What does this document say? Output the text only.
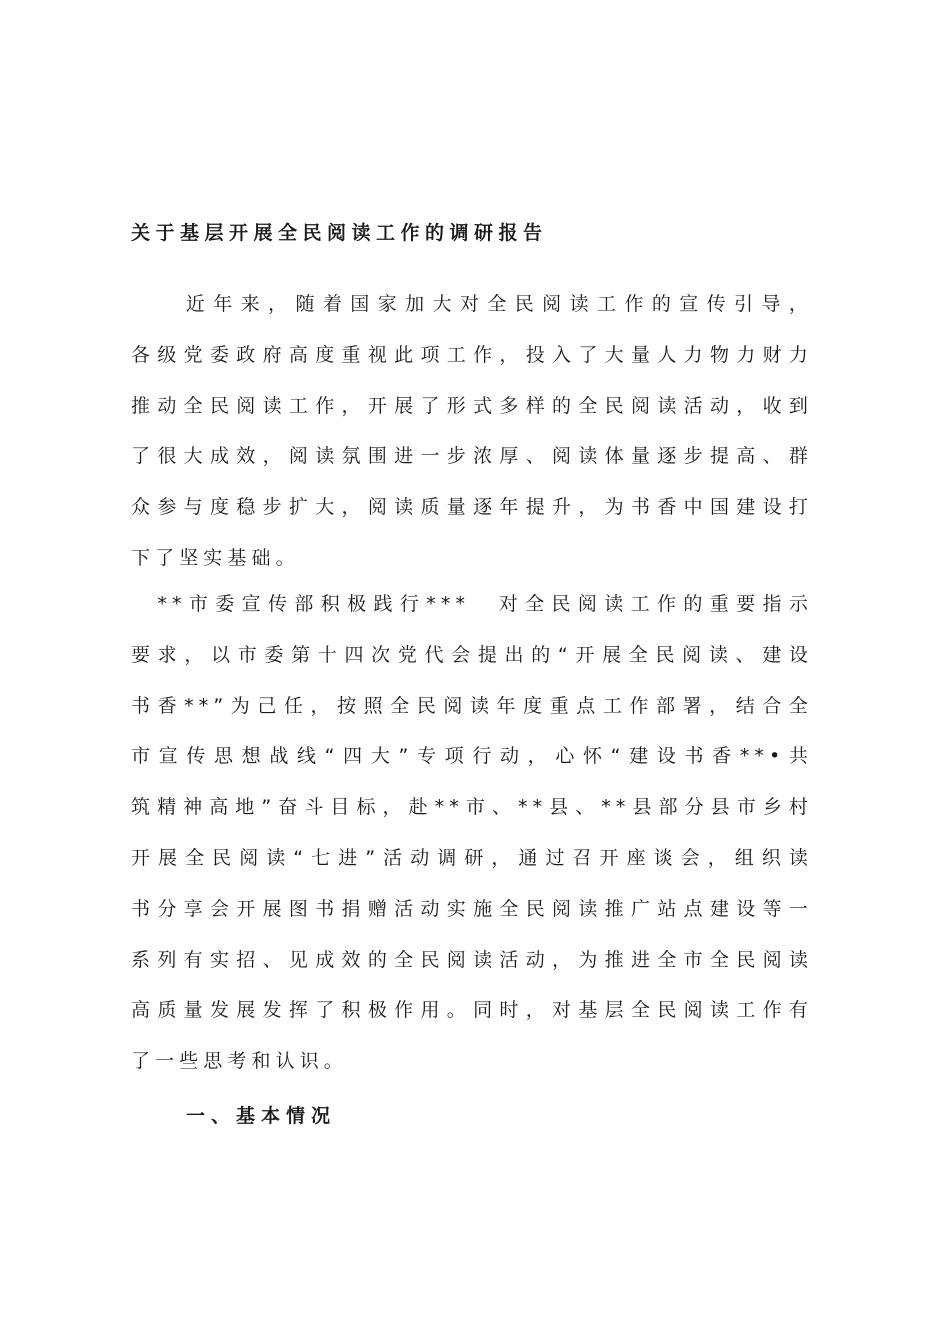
关于基层开展全民阅读工作的调研报告
　　近年来，随着国家加大对全民阅读工作的宣传引导，
各级党委政府高度重视此项工作，投入了大量人力物力财力
推动全民阅读工作，开展了形式多样的全民阅读活动，收到
了很大成效，阅读氛围进一步浓厚、阅读体量逐步提高、群
众参与度稳步扩大，阅读质量逐年提升，为书香中国建设打
下了坚实基础。
　**市委宣传部积极践行***　对全民阅读工作的重要指示
要求，以市委第十四次党代会提出的“开展全民阅读、建设
书香**”为己任，按照全民阅读年度重点工作部署，结合全
市宣传思想战线“四大”专项行动，心怀“建设书香**•共
筑精神高地”奋斗目标，赴**市、**县、**县部分县市乡村
开展全民阅读“七进”活动调研，通过召开座谈会，组织读
书分享会开展图书捐赠活动实施全民阅读推广站点建设等一
系列有实招、见成效的全民阅读活动，为推进全市全民阅读
高质量发展发挥了积极作用。同时，对基层全民阅读工作有
了一些思考和认识。
一、基本情况
